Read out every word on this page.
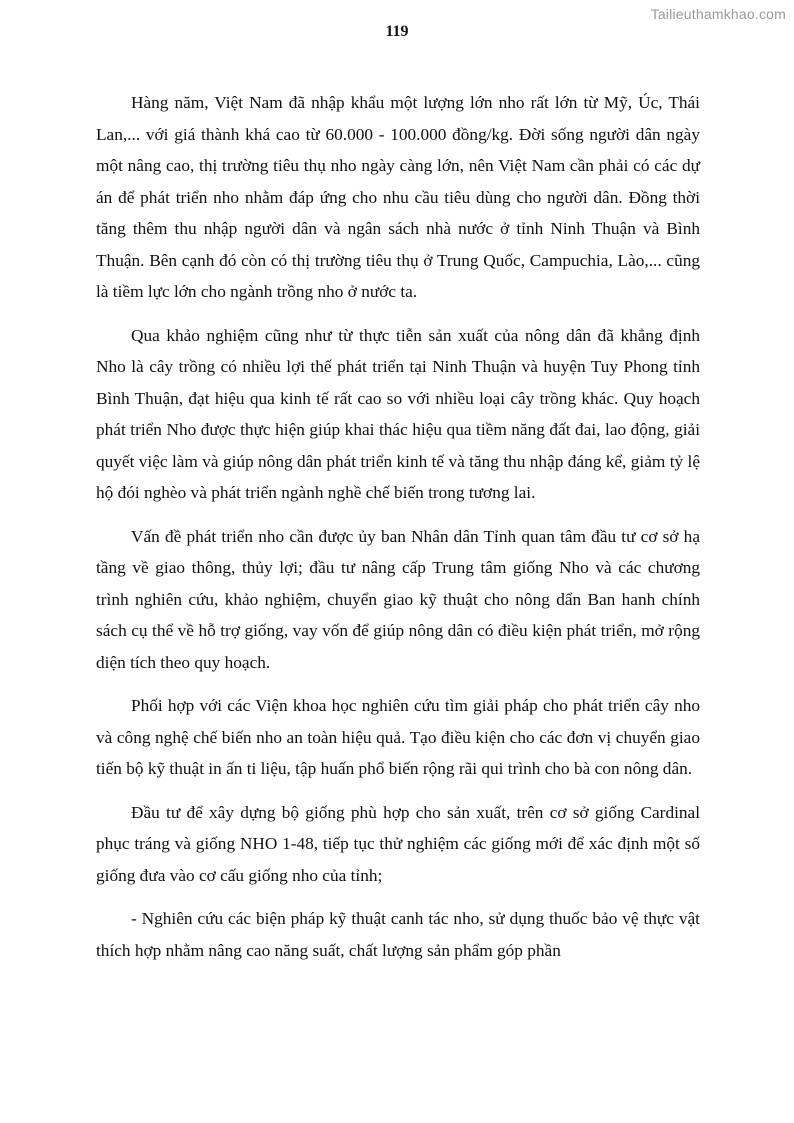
Tailieuthamkhao.com
119

Hàng năm, Việt Nam đã nhập khẩu một lượng lớn nho rất lớn từ Mỹ, Úc, Thái Lan,... với giá thành khá cao từ 60.000 - 100.000 đồng/kg. Đời sống người dân ngày một nâng cao, thị trường tiêu thụ nho ngày càng lớn, nên Việt Nam cần phải có các dự án để phát triển nho nhằm đáp ứng cho nhu cầu tiêu dùng cho người dân. Đồng thời tăng thêm thu nhập người dân và ngân sách nhà nước ở tỉnh Ninh Thuận và Bình Thuận. Bên cạnh đó còn có thị trường tiêu thụ ở Trung Quốc, Campuchia, Lào,... cũng là tiềm lực lớn cho ngành trồng nho ở nước ta.

Qua khảo nghiệm cũng như từ thực tiễn sản xuất của nông dân đã khẳng định Nho là cây trồng có nhiều lợi thế phát triển tại Ninh Thuận và huyện Tuy Phong tỉnh Bình Thuận, đạt hiệu qua kinh tế rất cao so với nhiều loại cây trồng khác. Quy hoạch phát triển Nho được thực hiện giúp khai thác hiệu qua tiềm năng đất đai, lao động, giải quyết việc làm và giúp nông dân phát triển kinh tế và tăng thu nhập đáng kể, giảm tỷ lệ hộ đói nghèo và phát triển ngành nghề chế biến trong tương lai.

Vấn đề phát triển nho cần được ủy ban Nhân dân Tỉnh quan tâm đầu tư cơ sở hạ tầng về giao thông, thủy lợi; đầu tư nâng cấp Trung tâm giống Nho và các chương trình nghiên cứu, khảo nghiệm, chuyển giao kỹ thuật cho nông dẩn Ban hanh chính sách cụ thể về hỗ trợ giống, vay vốn để giúp nông dân có điều kiện phát triển, mở rộng diện tích theo quy hoạch.

Phối hợp với các Viện khoa học nghiên cứu tìm giải pháp cho phát triển cây nho và công nghệ chế biến nho an toàn hiệu quả. Tạo điều kiện cho các đơn vị chuyển giao tiến bộ kỹ thuật in ấn ti liệu, tập huấn phổ biến rộng rãi qui trình cho bà con nông dân.

Đầu tư để xây dựng bộ giống phù hợp cho sản xuất, trên cơ sở giống Cardinal phục tráng và giống NHO 1-48, tiếp tục thử nghiệm các giống mới để xác định một số giống đưa vào cơ cấu giống nho của tỉnh;

- Nghiên cứu các biện pháp kỹ thuật canh tác nho, sử dụng thuốc bảo vệ thực vật thích hợp nhằm nâng cao năng suất, chất lượng sản phẩm góp phần
